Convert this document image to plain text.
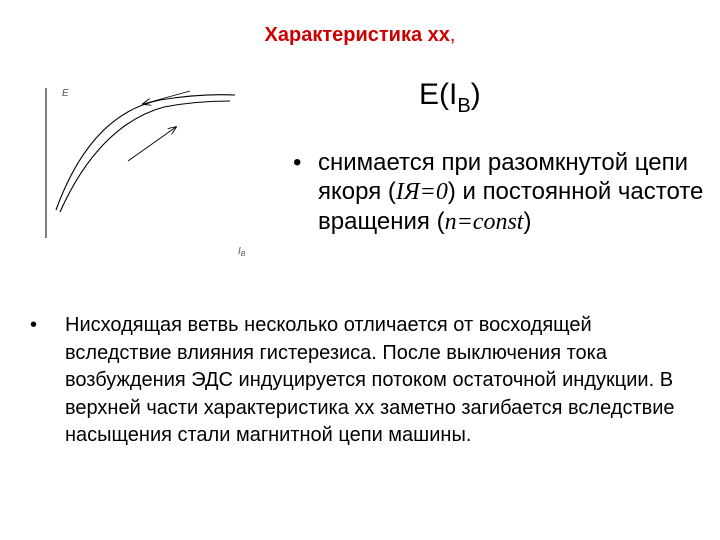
Характеристика хх,
$E(I_B)$
E
$I_B$
• снимается при разомкнутой цепи якоря (IЯ=0) и постоянной частоте вращения (n=const)
• Нисходящая ветвь несколько отличается от восходящей вследствие влияния гистерезиса. После выключения тока возбуждения ЭДС индуцируется потоком остаточной индукции. В верхней части характеристика хх заметно загибается вследствие насыщения стали магнитной цепи машины.
